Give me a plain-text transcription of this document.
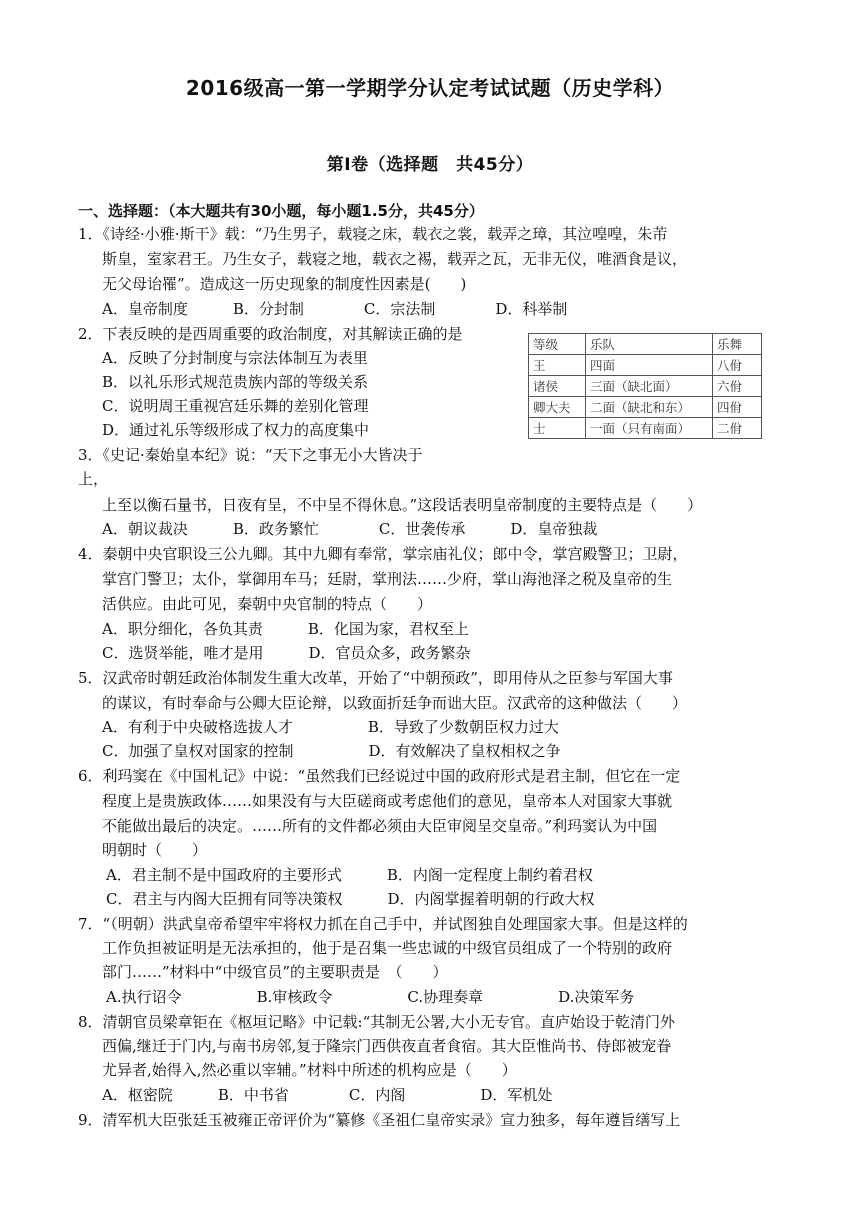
2016级高一第一学期学分认定考试试题（历史学科）
第Ⅰ卷（选择题　共45分）
一、选择题：（本大题共有30小题，每小题1.5分，共45分）
1．《诗经·小雅·斯干》载：“乃生男子，载寝之床，载衣之裳，载弄之璋，其泣喤喤，朱芾
斯皇，室家君王。乃生女子，载寝之地，载衣之裼，载弄之瓦，无非无仪，唯酒食是议，
无父母诒罹”。造成这一历史现象的制度性因素是(　　)
A．皇帝制度　　　B．分封制　　　　C．宗法制　　　　D．科举制
2．下表反映的是西周重要的政治制度，对其解读正确的是
A．反映了分封制度与宗法体制互为表里
B．以礼乐形式规范贵族内部的等级关系
C．说明周王重视宫廷乐舞的差别化管理
D．通过礼乐等级形成了权力的高度集中
等级	乐队	乐舞
王	四面	八佾
诸侯	三面（缺北面）	六佾
卿大夫	二面（缺北和东）	四佾
士	一面（只有南面）	二佾
3．《史记·秦始皇本纪》说：“天下之事无小大皆决于
上，
上至以衡石量书，日夜有呈，不中呈不得休息。”这段话表明皇帝制度的主要特点是（　　）
A．朝议裁决　　　B．政务繁忙　　　　C．世袭传承　　　D．皇帝独裁
4．秦朝中央官职设三公九卿。其中九卿有奉常，掌宗庙礼仪；郎中令，掌宫殿警卫；卫尉，
掌宫门警卫；太仆，掌御用车马；廷尉，掌刑法……少府，掌山海池泽之税及皇帝的生
活供应。由此可见，秦朝中央官制的特点（　　）
A．职分细化，各负其责　　　B．化国为家，君权至上
C．选贤举能，唯才是用　　　D．官员众多，政务繁杂
5．汉武帝时朝廷政治体制发生重大改革，开始了“中朝预政”，即用侍从之臣参与军国大事
的谋议，有时奉命与公卿大臣论辩，以致面折廷争而诎大臣。汉武帝的这种做法（　　）
A．有利于中央破格选拔人才　　　　　B．导致了少数朝臣权力过大
C．加强了皇权对国家的控制　　　　　D．有效解决了皇权相权之争
6．利玛窦在《中国札记》中说：“虽然我们已经说过中国的政府形式是君主制，但它在一定
程度上是贵族政体……如果没有与大臣磋商或考虑他们的意见，皇帝本人对国家大事就
不能做出最后的决定。……所有的文件都必须由大臣审阅呈交皇帝。”利玛窦认为中国
明朝时（　　）
A．君主制不是中国政府的主要形式　　　B．内阁一定程度上制约着君权
C．君主与内阁大臣拥有同等决策权　　　D．内阁掌握着明朝的行政大权
7．“（明朝）洪武皇帝希望牢牢将权力抓在自己手中，并试图独自处理国家大事。但是这样的
工作负担被证明是无法承担的，他于是召集一些忠诚的中级官员组成了一个特别的政府
部门……”材料中“中级官员”的主要职责是　（　　）
A.执行诏令　　　　　B.审核政令　　　　　C.协理奏章　　　　　D.决策军务
8．清朝官员梁章钜在《枢垣记略》中记载:“其制无公署,大小无专官。直庐始设于乾清门外
西偏,继迁于门内,与南书房邻,复于隆宗门西供夜直者食宿。其大臣惟尚书、侍郎被宠眷
尤异者,始得入,然必重以宰辅。”材料中所述的机构应是（　　）
A．枢密院　　　B．中书省　　　　C．内阁　　　　　D．军机处
9．清军机大臣张廷玉被雍正帝评价为“纂修《圣祖仁皇帝实录》宣力独多，每年遵旨缮写上
